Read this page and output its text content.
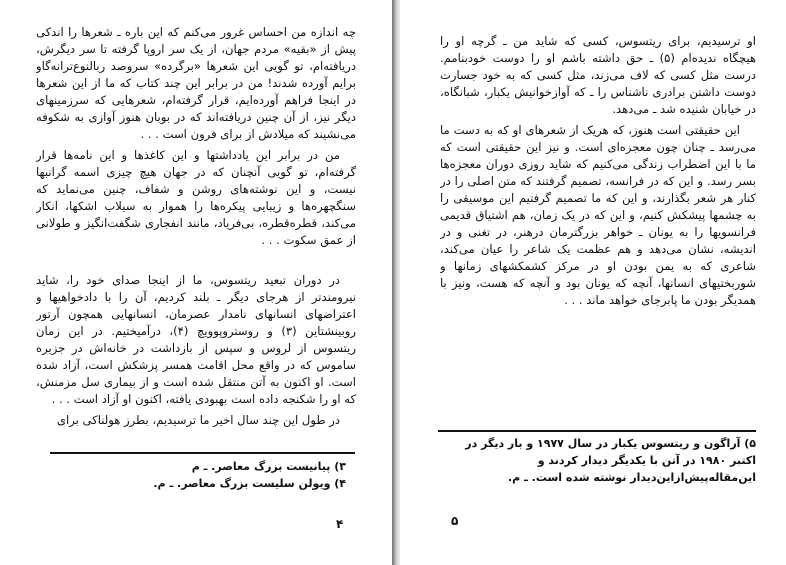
چه اندازه من احساس غرور می‌کنم که این باره ـ شعرها را اندکی پیش از «بقیه» مردم جهان، از یک سر اروپا گرفته تا سر دیگرش، دریافته‌ام، تو گویی این شعرها «برگرده» سروصد ربالنوع‌ترانه‌گاو برایم آورده شدند! من در برابر این چند کتاب که ما از این شعرها در اینجا فراهم آورده‌ایم، قرار گرفته‌ام، شعرهایی که سرزمینهای دیگر نیز، از آن چنین دریافته‌اند که در بوبان هنوز آوازی به شکوفه می‌نشیند که میلادش از برای فرون است . . .

من در برابر این یادداشتها و این کاغذها و این نامه‌ها قرار گرفته‌ام، تو گویی آنچنان که در جهان هیچ چیزی اسمه گرانبها نیست، و این نوشته‌های روشن و شفاف، چنین می‌نماید که سنگچهره‌ها و زیبایی پیکره‌ها را هموار به سیلاب اشکها، انکار می‌کند، قطره‌قطره، بی‌فریاد، مانند انفجاری شگفت‌انگیز و طولانی از عمق سکوت . . .

در دوران تبعید ریتسوس، ما از اینجا صدای خود را، شاید نیرومندتر از هرجای دیگر ـ بلند کردیم، آن را با دادخواهیها و اعتراضهای انسانهای نامدار عصرمان، انسانهایی همچون آرتور روبینشتاین (۳) و روستروپوویچ (۴)، درآمیختیم. در این زمان ریتسوس از لروس و سپس از بازداشت در خانه‌اش در جزیره ساموس که در واقع محل اقامت همسر پزشکش است، آزاد شده است. او اکنون به آتن منتقل شده است و از بیماری سل مزمنش، که او را شکنجه داده است بهبودی یافته، اکنون او آزاد است . . .

در طول این چند سال اخیر ما ترسیدیم، بطرز هولناکی برای

۳) پیانیست بزرگ معاصر. ـ م

۴) ویولن سلیست بزرگ معاصر. ـ م.

۴

او ترسیدیم، برای ریتسوس، کسی که شاید من ـ گرچه او را هیچگاه ندیده‌ام (۵) ـ حق داشته باشم او را دوست خودبنامم. درست مثل کسی که لاف می‌زند، مثل کسی که به خود جسارت دوست داشتن برادری ناشناس را ـ که آوازخوانیش یکبار، شبانگاه، در خیابان شنیده شد ـ می‌دهد.

این حقیقتی است هنوز، که هریک از شعرهای او که به دست ما می‌رسد ـ چنان چون معجزه‌ای است. و نیز این حقیقتی است که ما با این اضطراب زندگی می‌کنیم که شاید روزی دوران معجزه‌ها بسر رسد. و این که در فرانسه، تصمیم گرفتند که متن اصلی را در کنار هر شعر بگذارند، و این که ما تصمیم گرفتیم این موسیقی را به چشمها پیشکش کنیم، و این که در یک زمان، هم اشتیاق قدیمی فرانسویها را به یونان ـ خواهر بزرگترمان درهنر، در تغنی و در اندیشه، نشان می‌دهد و هم عظمت یک شاعر را عیان می‌کند، شاعری که به یمن بودن او در مرکز کشمکشهای زمانها و شوربختیهای انسانها، آنچه که یونان بود و آنچه که هست، ونیز با همدیگر بودن ما پابرجای خواهد ماند . . .

۵) آراگون و ریتسوس یکبار در سال ۱۹۷۷ و بار دیگر در اکتبر ۱۹۸۰ در آتن با یکدیگر دیدار کردند و این‌مقاله‌پیش‌ازاین‌دیدار نوشته شده است. ـ م.

۵
